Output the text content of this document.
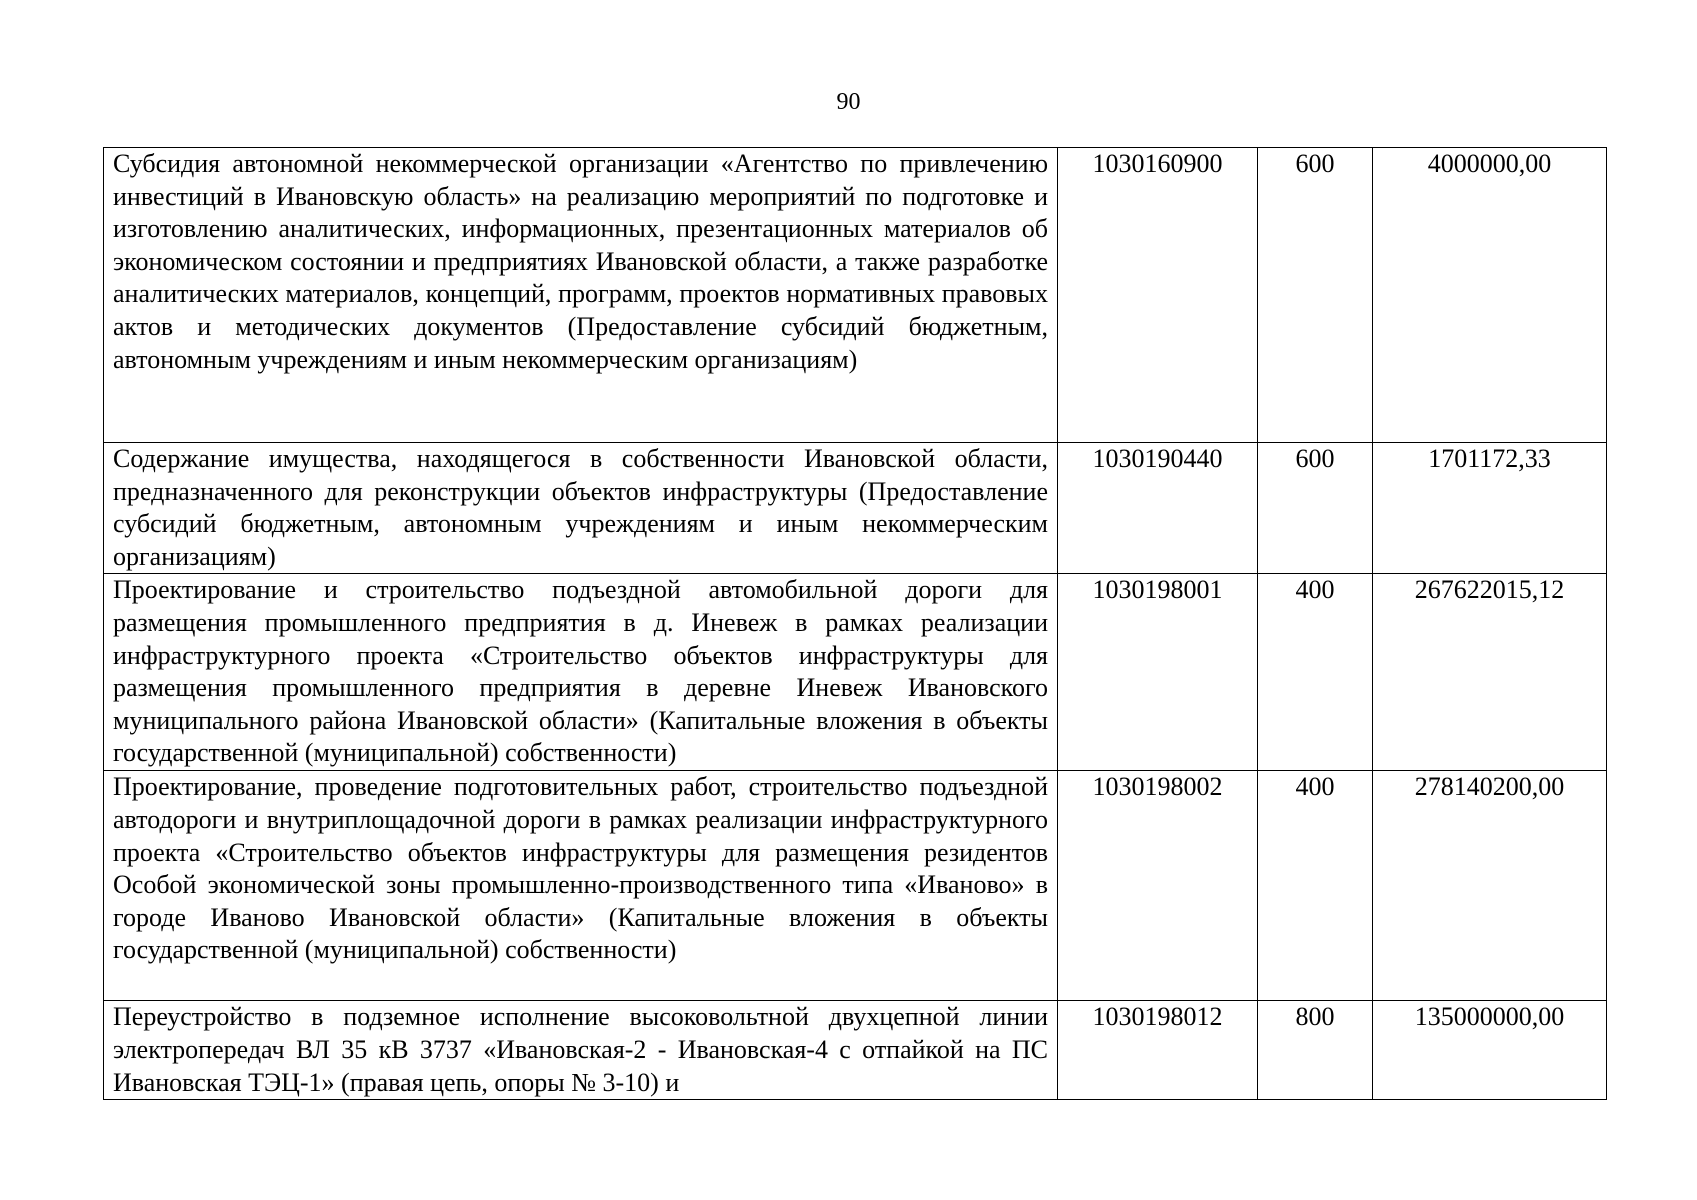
90
Субсидия автономной некоммерческой организации «Агентство по привлечению инвестиций в Ивановскую область» на реализацию мероприятий по подготовке и изготовлению аналитических, информационных, презентационных материалов об экономическом состоянии и предприятиях Ивановской области, а также разработке аналитических материалов, концепций, программ, проектов нормативных правовых актов и методических документов (Предоставление субсидий бюджетным, автономным учреждениям и иным некоммерческим организациям)	1030160900	600	4000000,00
Содержание имущества, находящегося в собственности Ивановской области, предназначенного для реконструкции объектов инфраструктуры (Предоставление субсидий бюджетным, автономным учреждениям и иным некоммерческим организациям)	1030190440	600	1701172,33
Проектирование и строительство подъездной автомобильной дороги для размещения промышленного предприятия в д. Иневеж в рамках реализации инфраструктурного проекта «Строительство объектов инфраструктуры для размещения промышленного предприятия в деревне Иневеж Ивановского муниципального района Ивановской области» (Капитальные вложения в объекты государственной (муниципальной) собственности)	1030198001	400	267622015,12
Проектирование, проведение подготовительных работ, строительство подъездной автодороги и внутриплощадочной дороги в рамках реализации инфраструктурного проекта «Строительство объектов инфраструктуры для размещения резидентов Особой экономической зоны промышленно-производственного типа «Иваново» в городе Иваново Ивановской области» (Капитальные вложения в объекты государственной (муниципальной) собственности)	1030198002	400	278140200,00

Переустройство в подземное исполнение высоковольтной двухцепной линии электропередач ВЛ 35 кВ 3737 «Ивановская-2 - Ивановская-4 с отпайкой на ПС Ивановская ТЭЦ-1» (правая цепь, опоры № 3-10) и	1030198012	800	135000000,00
